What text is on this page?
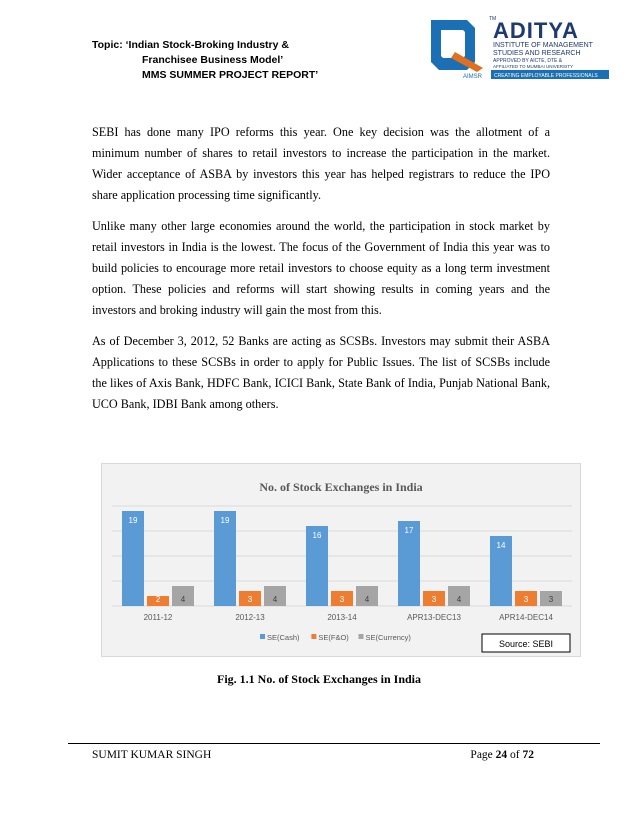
Topic: ‘Indian Stock-Broking Industry &
Franchisee Business Model’
MMS SUMMER PROJECT REPORT’	AIMSR
TM
ADITYA
INSTITUTE OF MANAGEMENT
STUDIES AND RESEARCH
APPROVED BY AICTE, DTE &
AFFILIATED TO MUMBAI UNIVERSITY
CREATING EMPLOYABLE PROFESSIONALS

SEBI has done many IPO reforms this year. One key decision was the allotment of a minimum number of shares to retail investors to increase the participation in the market. Wider acceptance of ASBA by investors this year has helped registrars to reduce the IPO share application processing time significantly.

Unlike many other large economies around the world, the participation in stock market by retail investors in India is the lowest. The focus of the Government of India this year was to build policies to encourage more retail investors to choose equity as a long term investment option. These policies and reforms will start showing results in coming years and the investors and broking industry will gain the most from this.

As of December 3, 2012, 52 Banks are acting as SCSBs. Investors may submit their ASBA Applications to these SCSBs in order to apply for Public Issues. The list of SCSBs include the likes of Axis Bank, HDFC Bank, ICICI Bank, State Bank of India, Punjab National Bank, UCO Bank, IDBI Bank among others.

No. of Stock Exchanges in India
19
2	4
2011-12
19
3	4
2012-13
16
3	4
2013-14
17
3	4
APR13-DEC13
14
3	3
APR14-DEC14
SE(Cash)	SE(F&O) SE(Currency)
Source: SEBI
Fig. 1.1 No. of Stock Exchanges in India
SUMIT KUMAR SINGH	Page 24 of 72
